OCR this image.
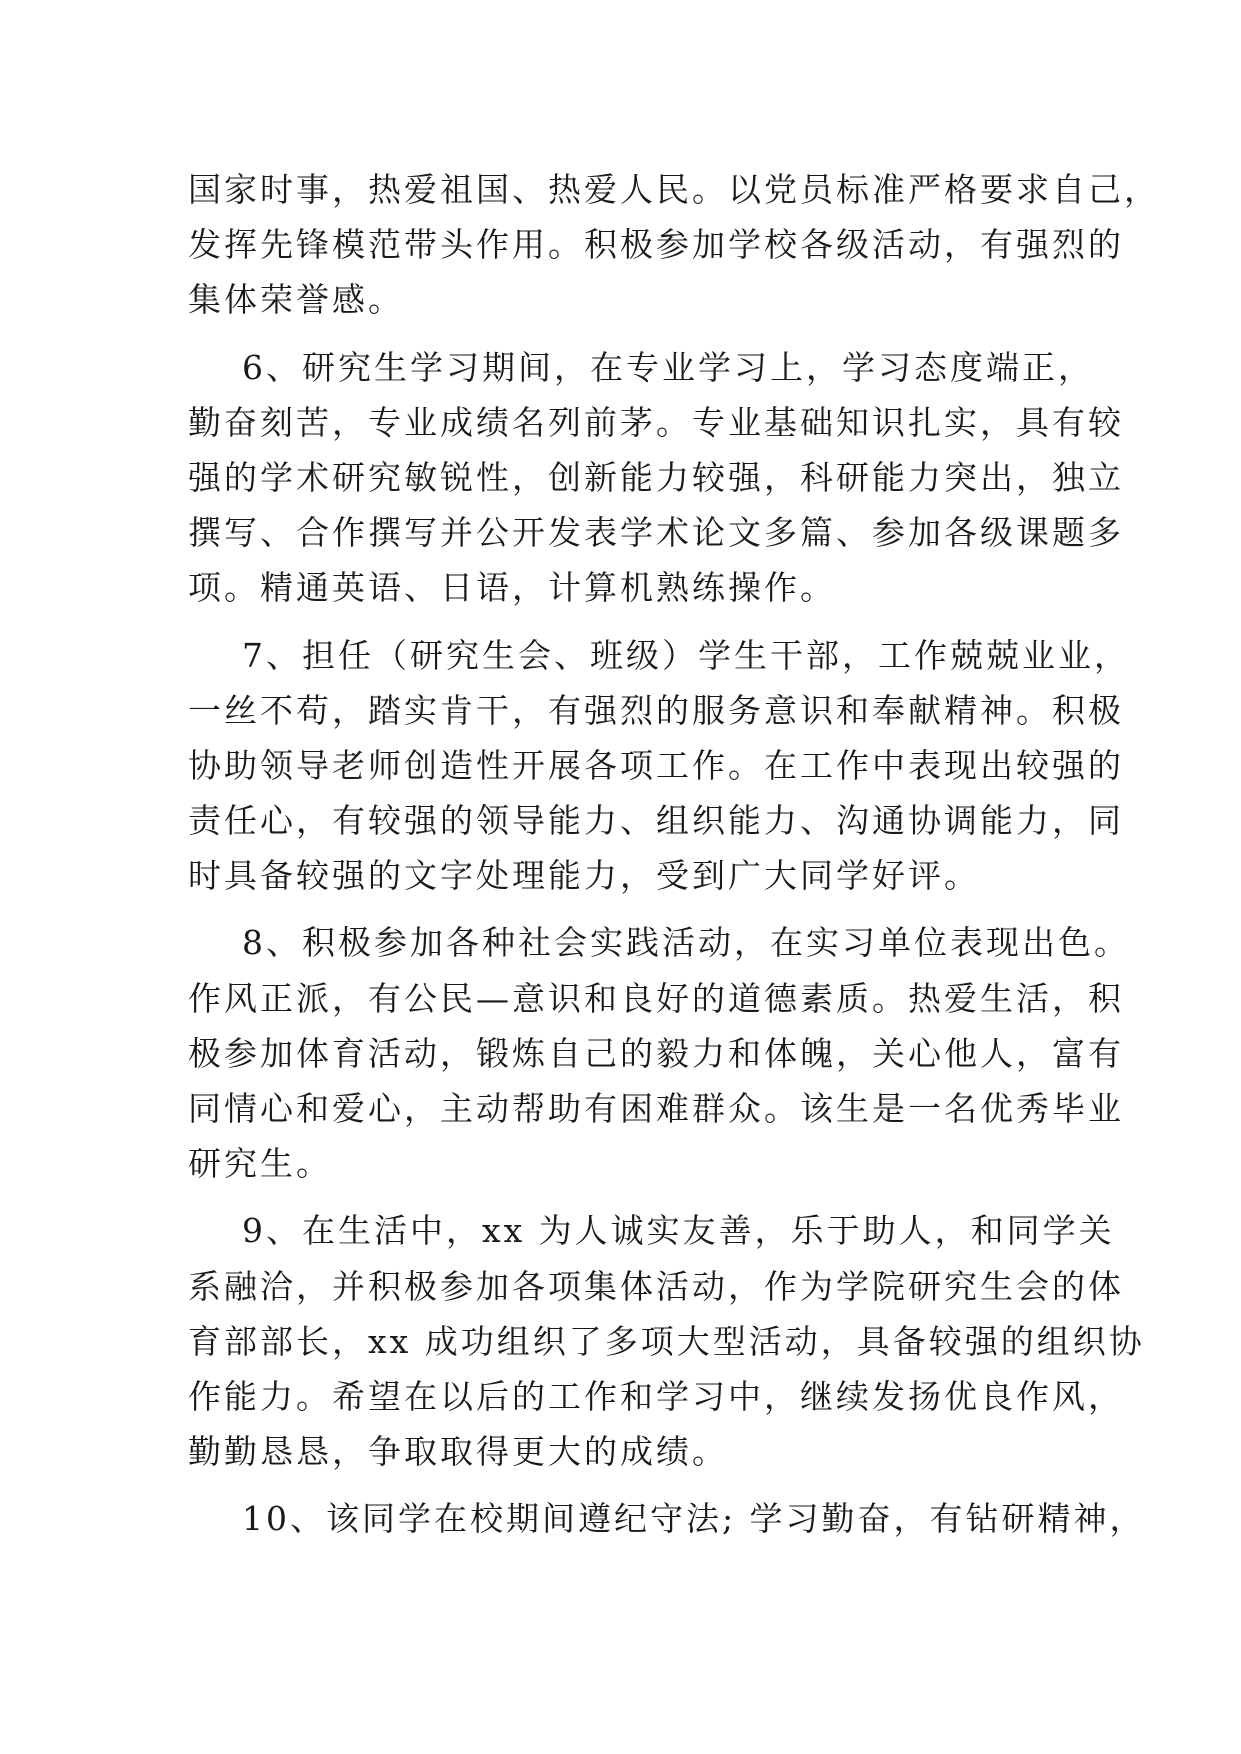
国家时事，热爱祖国、热爱人民。以党员标准严格要求自己，
发挥先锋模范带头作用。积极参加学校各级活动，有强烈的
集体荣誉感。
6、研究生学习期间，在专业学习上，学习态度端正，
勤奋刻苦，专业成绩名列前茅。专业基础知识扎实，具有较
强的学术研究敏锐性，创新能力较强，科研能力突出，独立
撰写、合作撰写并公开发表学术论文多篇、参加各级课题多
项。精通英语、日语，计算机熟练操作。
7、担任（研究生会、班级）学生干部，工作兢兢业业，
一丝不苟，踏实肯干，有强烈的服务意识和奉献精神。积极
协助领导老师创造性开展各项工作。在工作中表现出较强的
责任心，有较强的领导能力、组织能力、沟通协调能力，同
时具备较强的文字处理能力，受到广大同学好评。
8、积极参加各种社会实践活动，在实习单位表现出色。
作风正派，有公民—意识和良好的道德素质。热爱生活，积
极参加体育活动，锻炼自己的毅力和体魄，关心他人，富有
同情心和爱心，主动帮助有困难群众。该生是一名优秀毕业
研究生。
9、在生活中，xx 为人诚实友善，乐于助人，和同学关
系融洽，并积极参加各项集体活动，作为学院研究生会的体
育部部长，xx 成功组织了多项大型活动，具备较强的组织协
作能力。希望在以后的工作和学习中，继续发扬优良作风，
勤勤恳恳，争取取得更大的成绩。
10、该同学在校期间遵纪守法; 学习勤奋，有钻研精神，
